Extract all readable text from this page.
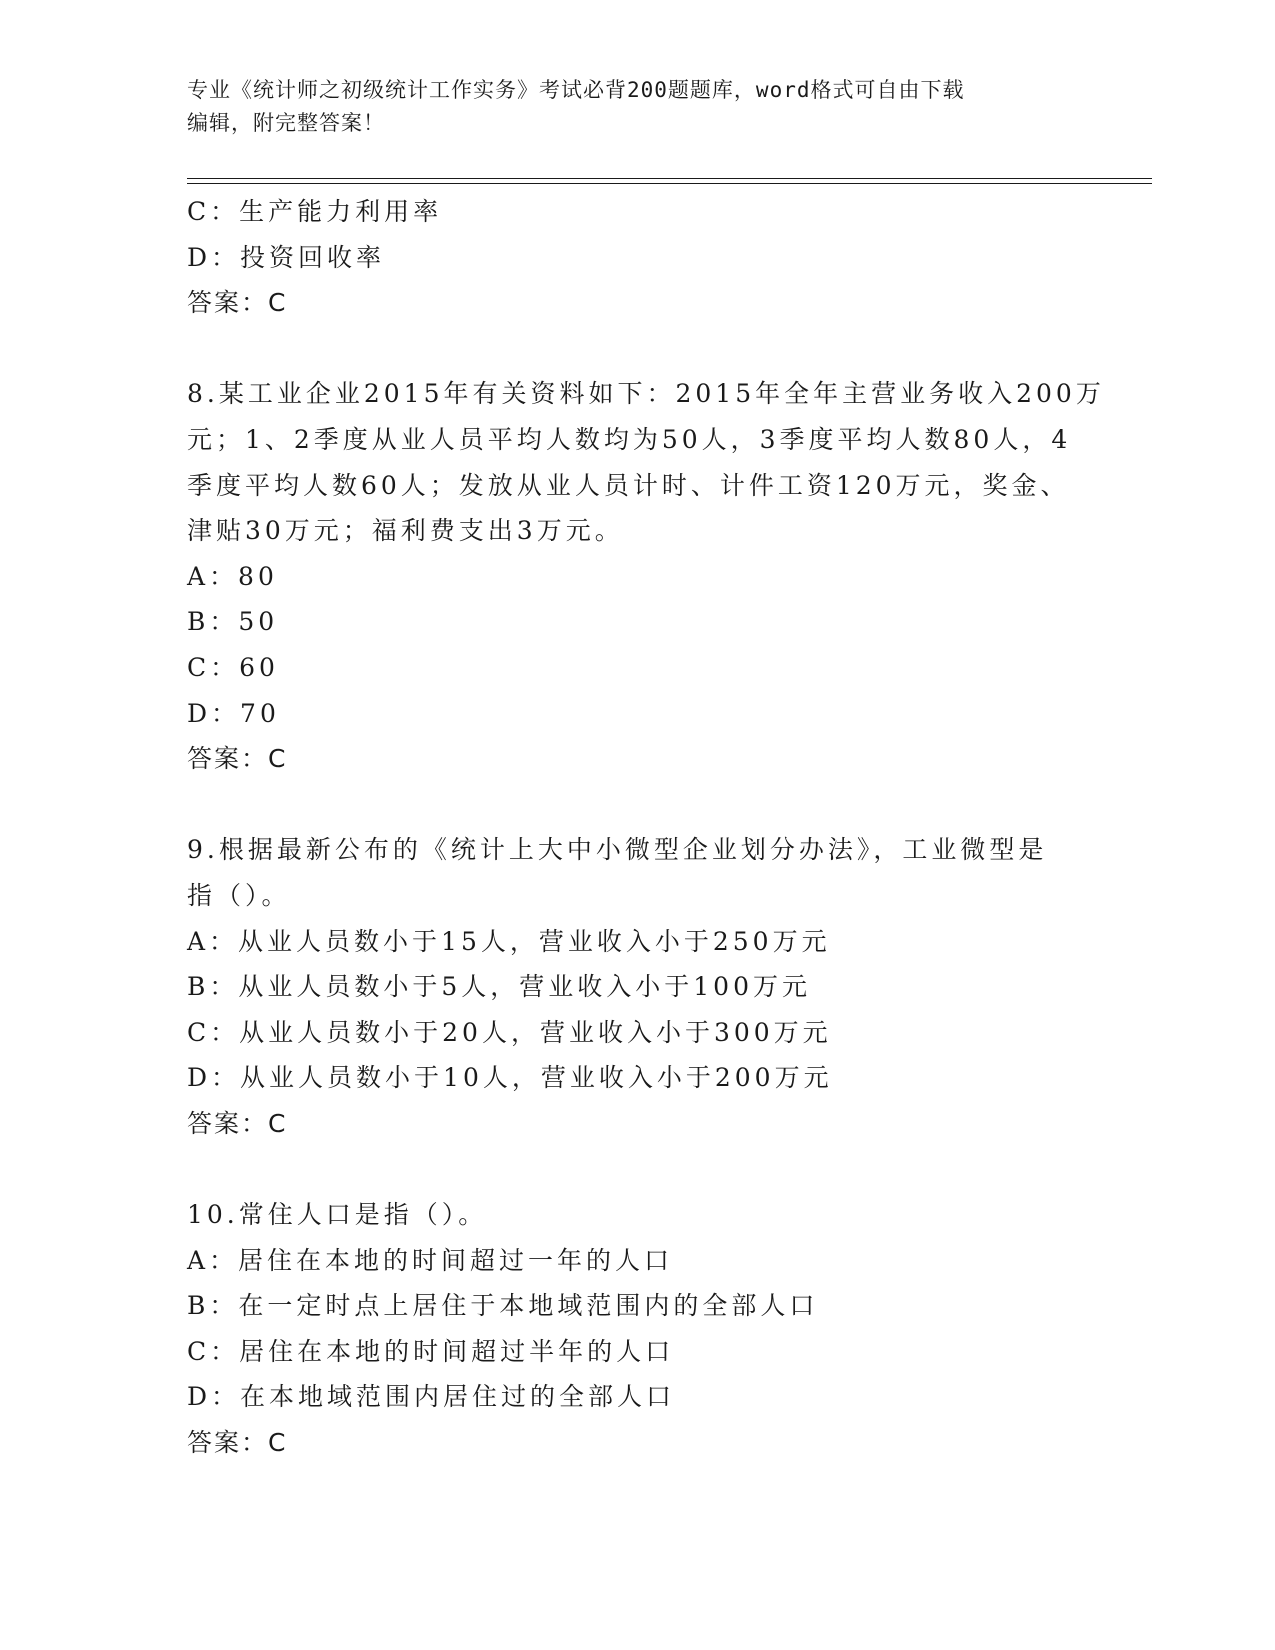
专业《统计师之初级统计工作实务》考试必背200题题库，word格式可自由下载
编辑，附完整答案！
C：生产能力利用率
D：投资回收率
答案：C
8.某工业企业2015年有关资料如下：2015年全年主营业务收入200万
元；1、2季度从业人员平均人数均为50人，3季度平均人数80人，4
季度平均人数60人；发放从业人员计时、计件工资120万元，奖金、
津贴30万元；福利费支出3万元。
A：80
B：50
C：60
D：70
答案：C
9.根据最新公布的《统计上大中小微型企业划分办法》，工业微型是
指（）。
A：从业人员数小于15人，营业收入小于250万元
B：从业人员数小于5人，营业收入小于100万元
C：从业人员数小于20人，营业收入小于300万元
D：从业人员数小于10人，营业收入小于200万元
答案：C
10.常住人口是指（）。
A：居住在本地的时间超过一年的人口
B：在一定时点上居住于本地域范围内的全部人口
C：居住在本地的时间超过半年的人口
D：在本地域范围内居住过的全部人口
答案：C
